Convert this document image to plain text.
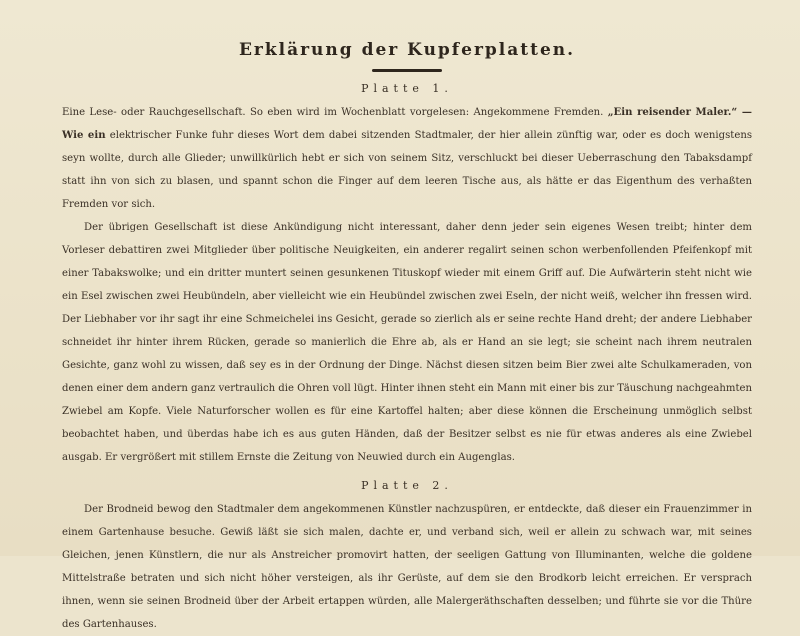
Erklärung der Kupferplatten.
Platte 1.

Eine Lese- oder Rauchgesellschaft. So eben wird im Wochenblatt vorgelesen: Angekommene Fremden. „Ein reisender Maler.“ — Wie ein elektrischer Funke fuhr dieses Wort dem dabei sitzenden Stadtmaler, der hier allein zünftig war, oder es doch wenigstens seyn wollte, durch alle Glieder; unwillkürlich hebt er sich von seinem Sitz, verschluckt bei dieser Ueberraschung den Tabaksdampf statt ihn von sich zu blasen, und spannt schon die Finger auf dem leeren Tische aus, als hätte er das Eigenthum des verhaßten Fremden vor sich.

Der übrigen Gesellschaft ist diese Ankündigung nicht interessant, daher denn jeder sein eigenes Wesen treibt; hinter dem Vorleser debattiren zwei Mitglieder über politische Neuigkeiten, ein anderer regalirt seinen schon werbenfollenden Pfeifenkopf mit einer Tabakswolke; und ein dritter muntert seinen gesunkenen Tituskopf wieder mit einem Griff auf. Die Aufwärterin steht nicht wie ein Esel zwischen zwei Heubündeln, aber vielleicht wie ein Heubündel zwischen zwei Eseln, der nicht weiß, welcher ihn fressen wird. Der Liebhaber vor ihr sagt ihr eine Schmeichelei ins Gesicht, gerade so zierlich als er seine rechte Hand dreht; der andere Liebhaber schneidet ihr hinter ihrem Rücken, gerade so manierlich die Ehre ab, als er Hand an sie legt; sie scheint nach ihrem neutralen Gesichte, ganz wohl zu wissen, daß sey es in der Ordnung der Dinge. Nächst diesen sitzen beim Bier zwei alte Schulkameraden, von denen einer dem andern ganz vertraulich die Ohren voll lügt. Hinter ihnen steht ein Mann mit einer bis zur Täuschung nachgeahmten Zwiebel am Kopfe. Viele Naturforscher wollen es für eine Kartoffel halten; aber diese können die Erscheinung unmöglich selbst beobachtet haben, und überdas habe ich es aus guten Händen, daß der Besitzer selbst es nie für etwas anderes als eine Zwiebel ausgab. Er vergrößert mit stillem Ernste die Zeitung von Neuwied durch ein Augenglas.

Platte 2.

Der Brodneid bewog den Stadtmaler dem angekommenen Künstler nachzuspüren, er entdeckte, daß dieser ein Frauenzimmer in einem Gartenhause besuche. Gewiß läßt sie sich malen, dachte er, und verband sich, weil er allein zu schwach war, mit seines Gleichen, jenen Künstlern, die nur als Anstreicher promovirt hatten, der seeligen Gattung von Illuminanten, welche die goldene Mittelstraße betraten und sich nicht höher versteigen, als ihr Gerüste, auf dem sie den Brodkorb leicht erreichen. Er versprach ihnen, wenn sie seinen Brodneid über der Arbeit ertappen würden, alle Malergeräthschaften desselben; und führte sie vor die Thüre des Gartenhauses.
